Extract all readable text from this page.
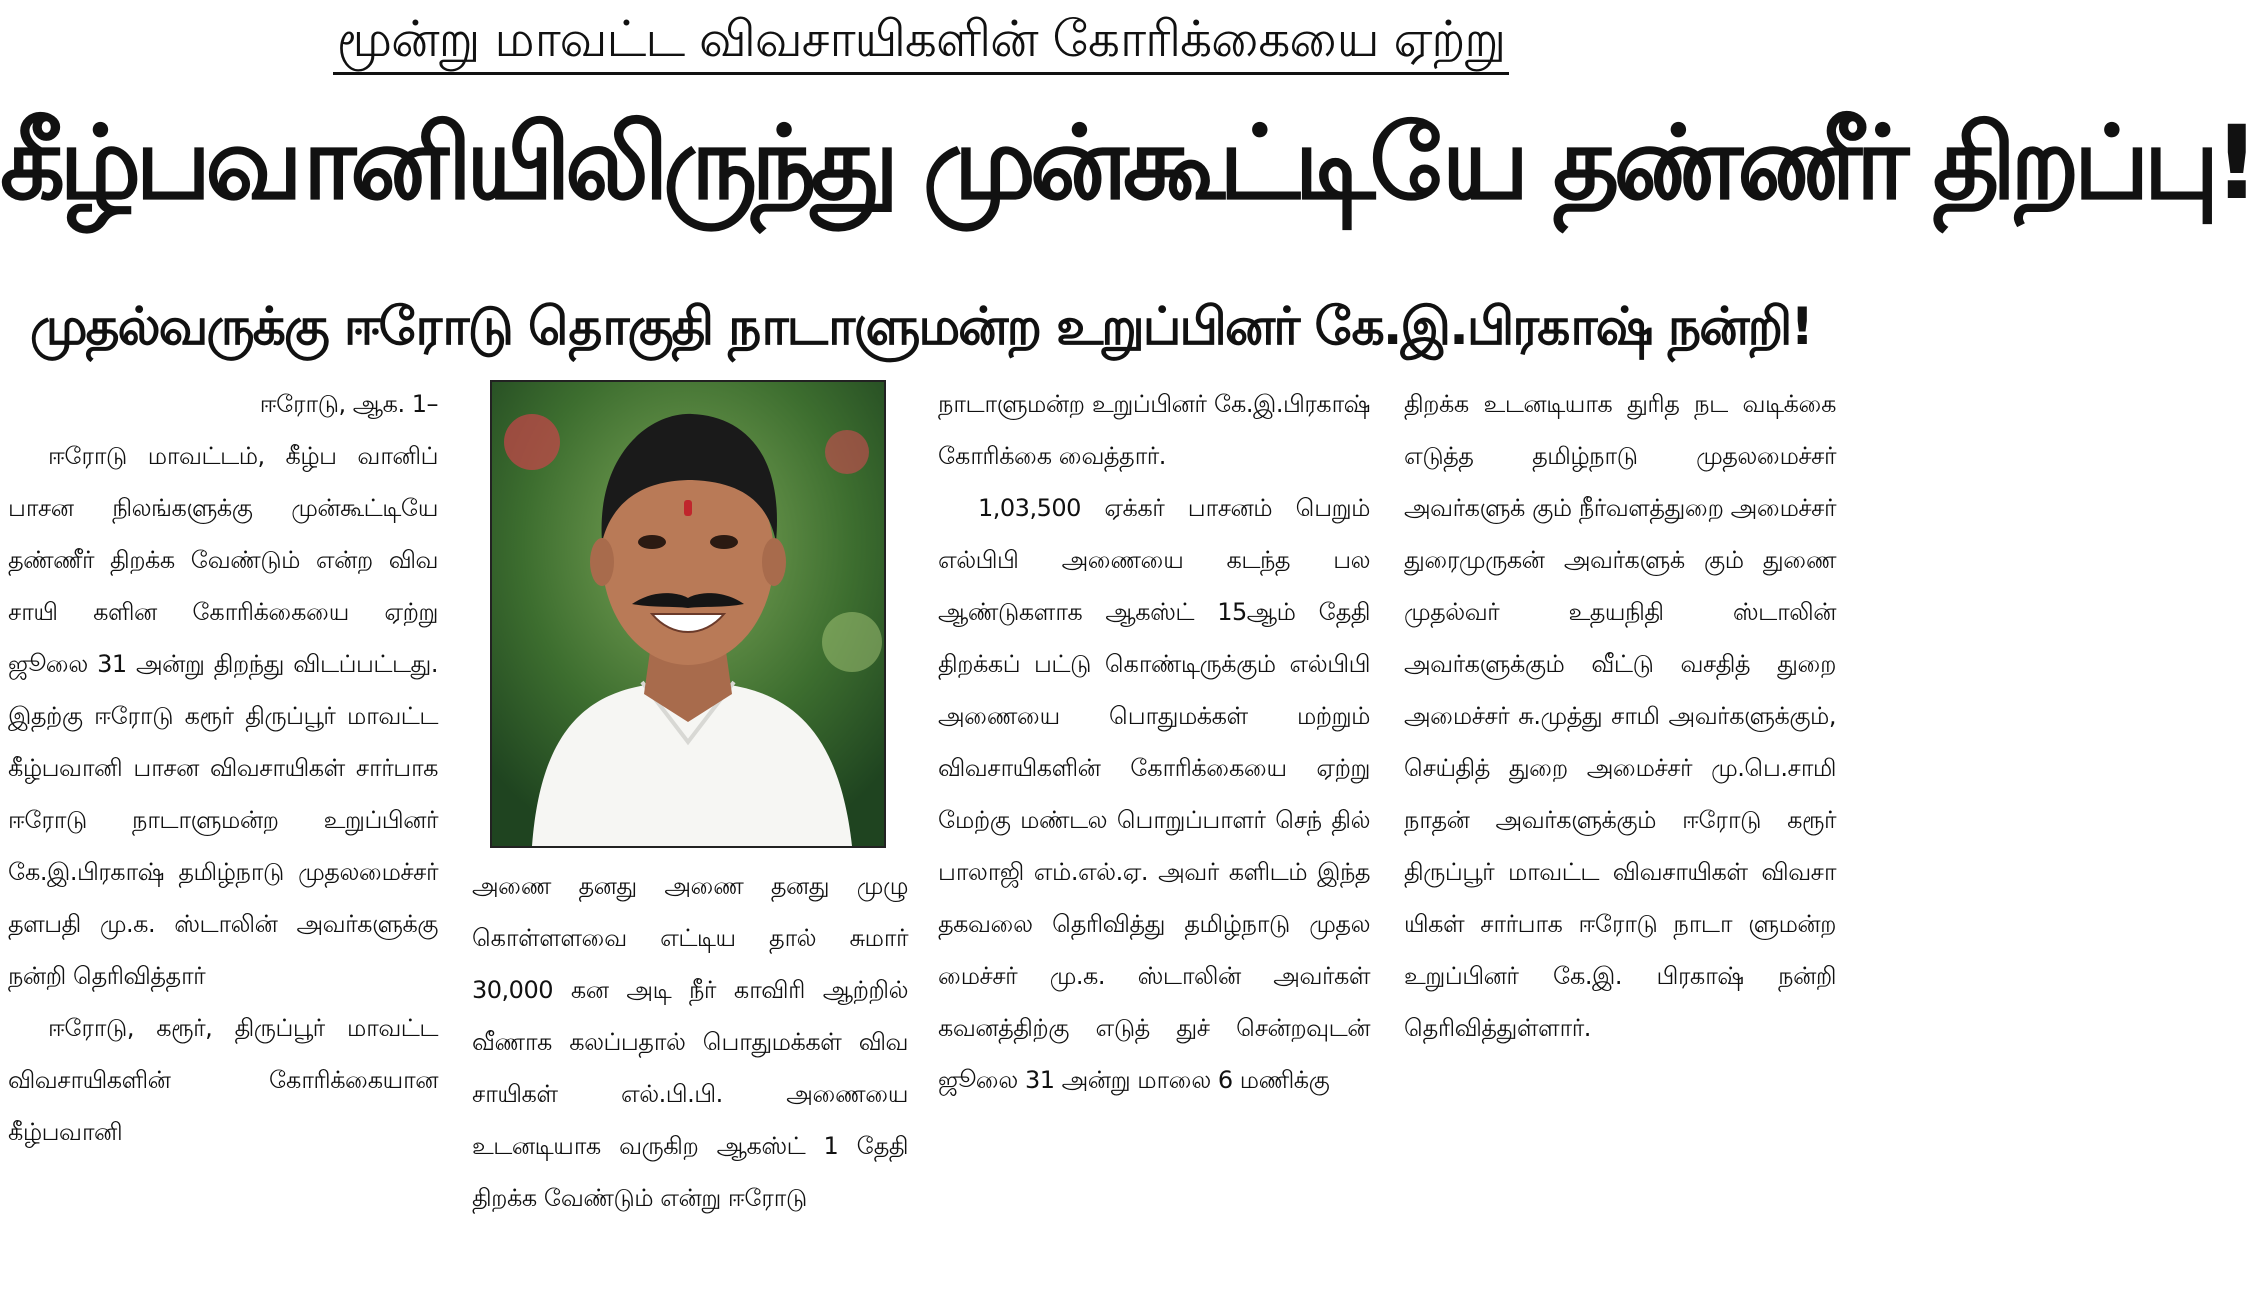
மூன்று மாவட்ட விவசாயிகளின் கோரிக்கையை ஏற்று
கீழ்பவானியிலிருந்து முன்கூட்டியே தண்ணீர் திறப்பு!
முதல்வருக்கு ஈரோடு தொகுதி நாடாளுமன்ற உறுப்பினர் கே.இ.பிரகாஷ் நன்றி!

ஈரோடு, ஆக. 1–

ஈரோடு மாவட்டம், கீழ்ப வானிப் பாசன நிலங்களுக்கு முன்கூட்டியே தண்ணீர் திறக்க வேண்டும் என்ற விவ சாயி களின கோரிக்கையை ஏற்று ஜூலை 31 அன்று திறந்து விடப்பட்டது. இதற்கு ஈரோடு கரூர் திருப்பூர் மாவட்ட கீழ்பவானி பாசன விவசாயிகள் சார்பாக ஈரோடு நாடாளுமன்ற உறுப்பினர் கே.இ.பிரகாஷ் தமிழ்நாடு முதலமைச்சர் தளபதி மு.க. ஸ்டாலின் அவர்களுக்கு நன்றி தெரிவித்தார்

ஈரோடு, கரூர், திருப்பூர் மாவட்ட விவசாயிகளின் கோரிக்கையான கீழ்பவானி

அணை தனது அணை தனது முழு கொள்ளளவை எட்டிய தால் சுமார் 30,000 கன அடி நீர் காவிரி ஆற்றில் வீணாக கலப்பதால் பொதுமக்கள் விவ சாயிகள் எல்.பி.பி. அணையை உடனடியாக வருகிற ஆகஸ்ட் 1 தேதி திறக்க வேண்டும் என்று ஈரோடு

நாடாளுமன்ற உறுப்பினர் கே.இ.பிரகாஷ் கோரிக்கை வைத்தார்.

1,03,500 ஏக்கர் பாசனம் பெறும் எல்பிபி அணையை கடந்த பல ஆண்டுகளாக ஆகஸ்ட் 15ஆம் தேதி திறக்கப் பட்டு கொண்டிருக்கும் எல்பிபி அணையை பொதுமக்கள் மற்றும் விவசாயிகளின் கோரிக்கையை ஏற்று மேற்கு மண்டல பொறுப்பாளர் செந் தில் பாலாஜி எம்.எல்.ஏ. அவர் களிடம் இந்த தகவலை தெரிவித்து தமிழ்நாடு முதல மைச்சர் மு.க. ஸ்டாலின் அவர்கள் கவனத்திற்கு எடுத் துச் சென்றவுடன் ஜூலை 31 அன்று மாலை 6 மணிக்கு

திறக்க உடனடியாக துரித நட வடிக்கை எடுத்த தமிழ்நாடு முதலமைச்சர் அவர்களுக் கும் நீர்வளத்துறை அமைச்சர் துரைமுருகன் அவர்களுக் கும் துணை முதல்வர் உதயநிதி ஸ்டாலின் அவர்களுக்கும் வீட்டு வசதித் துறை அமைச்சர் சு.முத்து சாமி அவர்களுக்கும், செய்தித் துறை அமைச்சர் மு.பெ.சாமி நாதன் அவர்களுக்கும் ஈரோடு கரூர் திருப்பூர் மாவட்ட விவசாயிகள் விவசா யிகள் சார்பாக ஈரோடு நாடா ளுமன்ற உறுப்பினர் கே.இ. பிரகாஷ் நன்றி தெரிவித்துள்ளார்.
